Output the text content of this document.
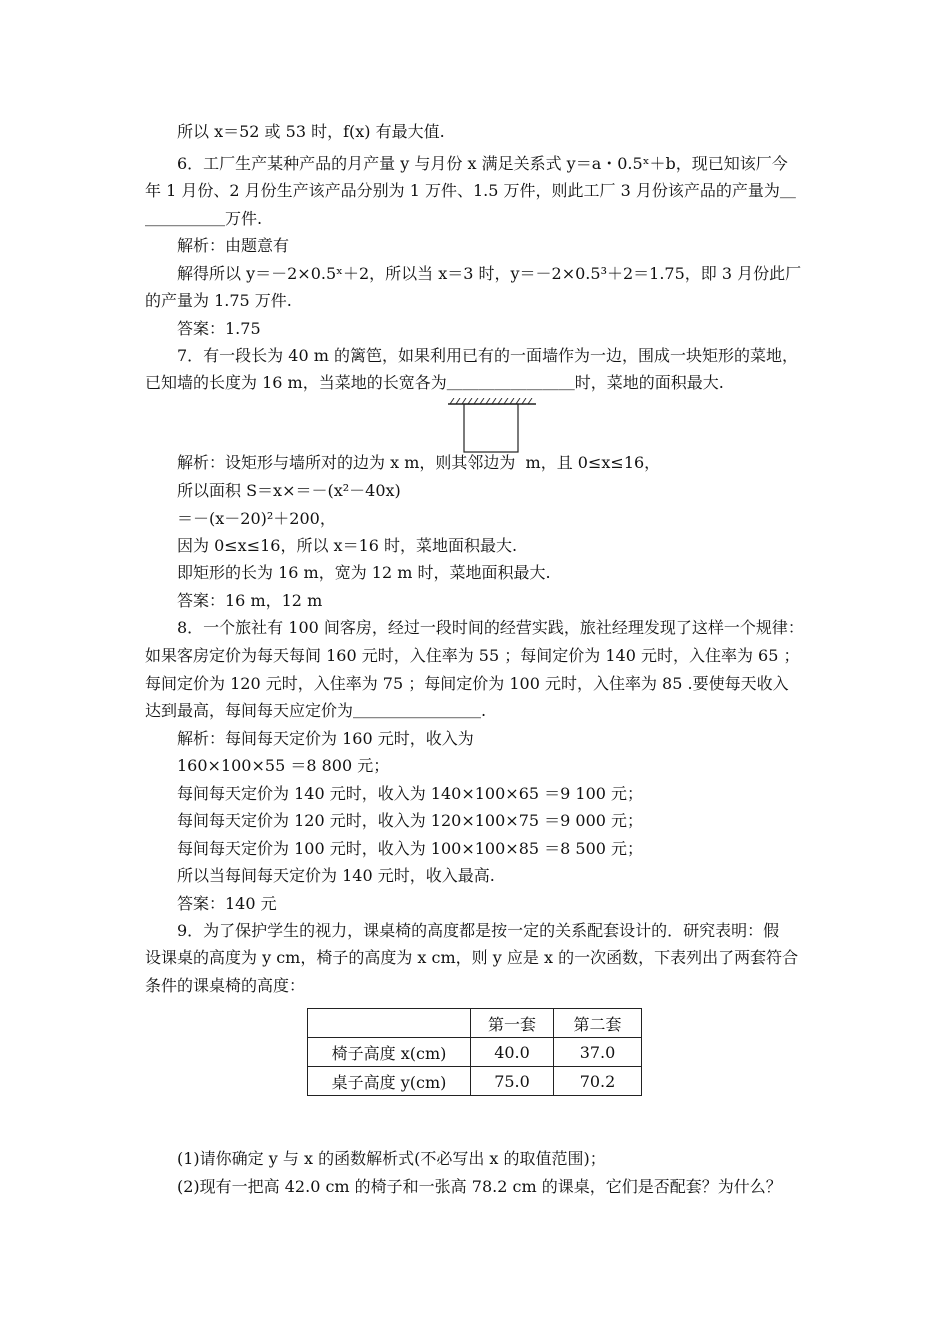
所以 x＝52 或 53 时，f(x) 有最大值.
6．工厂生产某种产品的月产量 y 与月份 x 满足关系式 y＝a・0.5ˣ＋b，现已知该厂今
年 1 月份、2 月份生产该产品分别为 1 万件、1.5 万件，则此工厂 3 月份该产品的产量为＿
＿＿＿＿＿万件.
解析：由题意有
解得所以 y＝－2×0.5ˣ＋2，所以当 x＝3 时，y＝－2×0.5³＋2＝1.75，即 3 月份此厂
的产量为 1.75 万件.
答案：1.75
7．有一段长为 40 m 的篱笆，如果利用已有的一面墙作为一边，围成一块矩形的菜地，
已知墙的长度为 16 m，当菜地的长宽各为＿＿＿＿＿＿＿＿时，菜地的面积最大.
解析：设矩形与墙所对的边为 x m，则其邻边为  m，且 0≤x≤16，
所以面积 S＝x×＝－(x²－40x)
＝－(x－20)²＋200，
因为 0≤x≤16，所以 x＝16 时，菜地面积最大.
即矩形的长为 16 m，宽为 12 m 时，菜地面积最大.
答案：16 m，12 m
8．一个旅社有 100 间客房，经过一段时间的经营实践，旅社经理发现了这样一个规律：
如果客房定价为每天每间 160 元时，入住率为 55 ；每间定价为 140 元时，入住率为 65 ；
每间定价为 120 元时，入住率为 75 ；每间定价为 100 元时，入住率为 85 .要使每天收入
达到最高，每间每天应定价为＿＿＿＿＿＿＿＿.
解析：每间每天定价为 160 元时，收入为
160×100×55 ＝8 800 元；
每间每天定价为 140 元时，收入为 140×100×65 ＝9 100 元；
每间每天定价为 120 元时，收入为 120×100×75 ＝9 000 元；
每间每天定价为 100 元时，收入为 100×100×85 ＝8 500 元；
所以当每间每天定价为 140 元时，收入最高.
答案：140 元
9．为了保护学生的视力，课桌椅的高度都是按一定的关系配套设计的．研究表明：假
设课桌的高度为 y cm，椅子的高度为 x cm，则 y 应是 x 的一次函数，下表列出了两套符合
条件的课桌椅的高度：
	第一套	第二套
椅子高度 x(cm)	40.0	37.0
桌子高度 y(cm)	75.0	70.2
(1)请你确定 y 与 x 的函数解析式(不必写出 x 的取值范围)；
(2)现有一把高 42.0 cm 的椅子和一张高 78.2 cm 的课桌，它们是否配套？为什么？
